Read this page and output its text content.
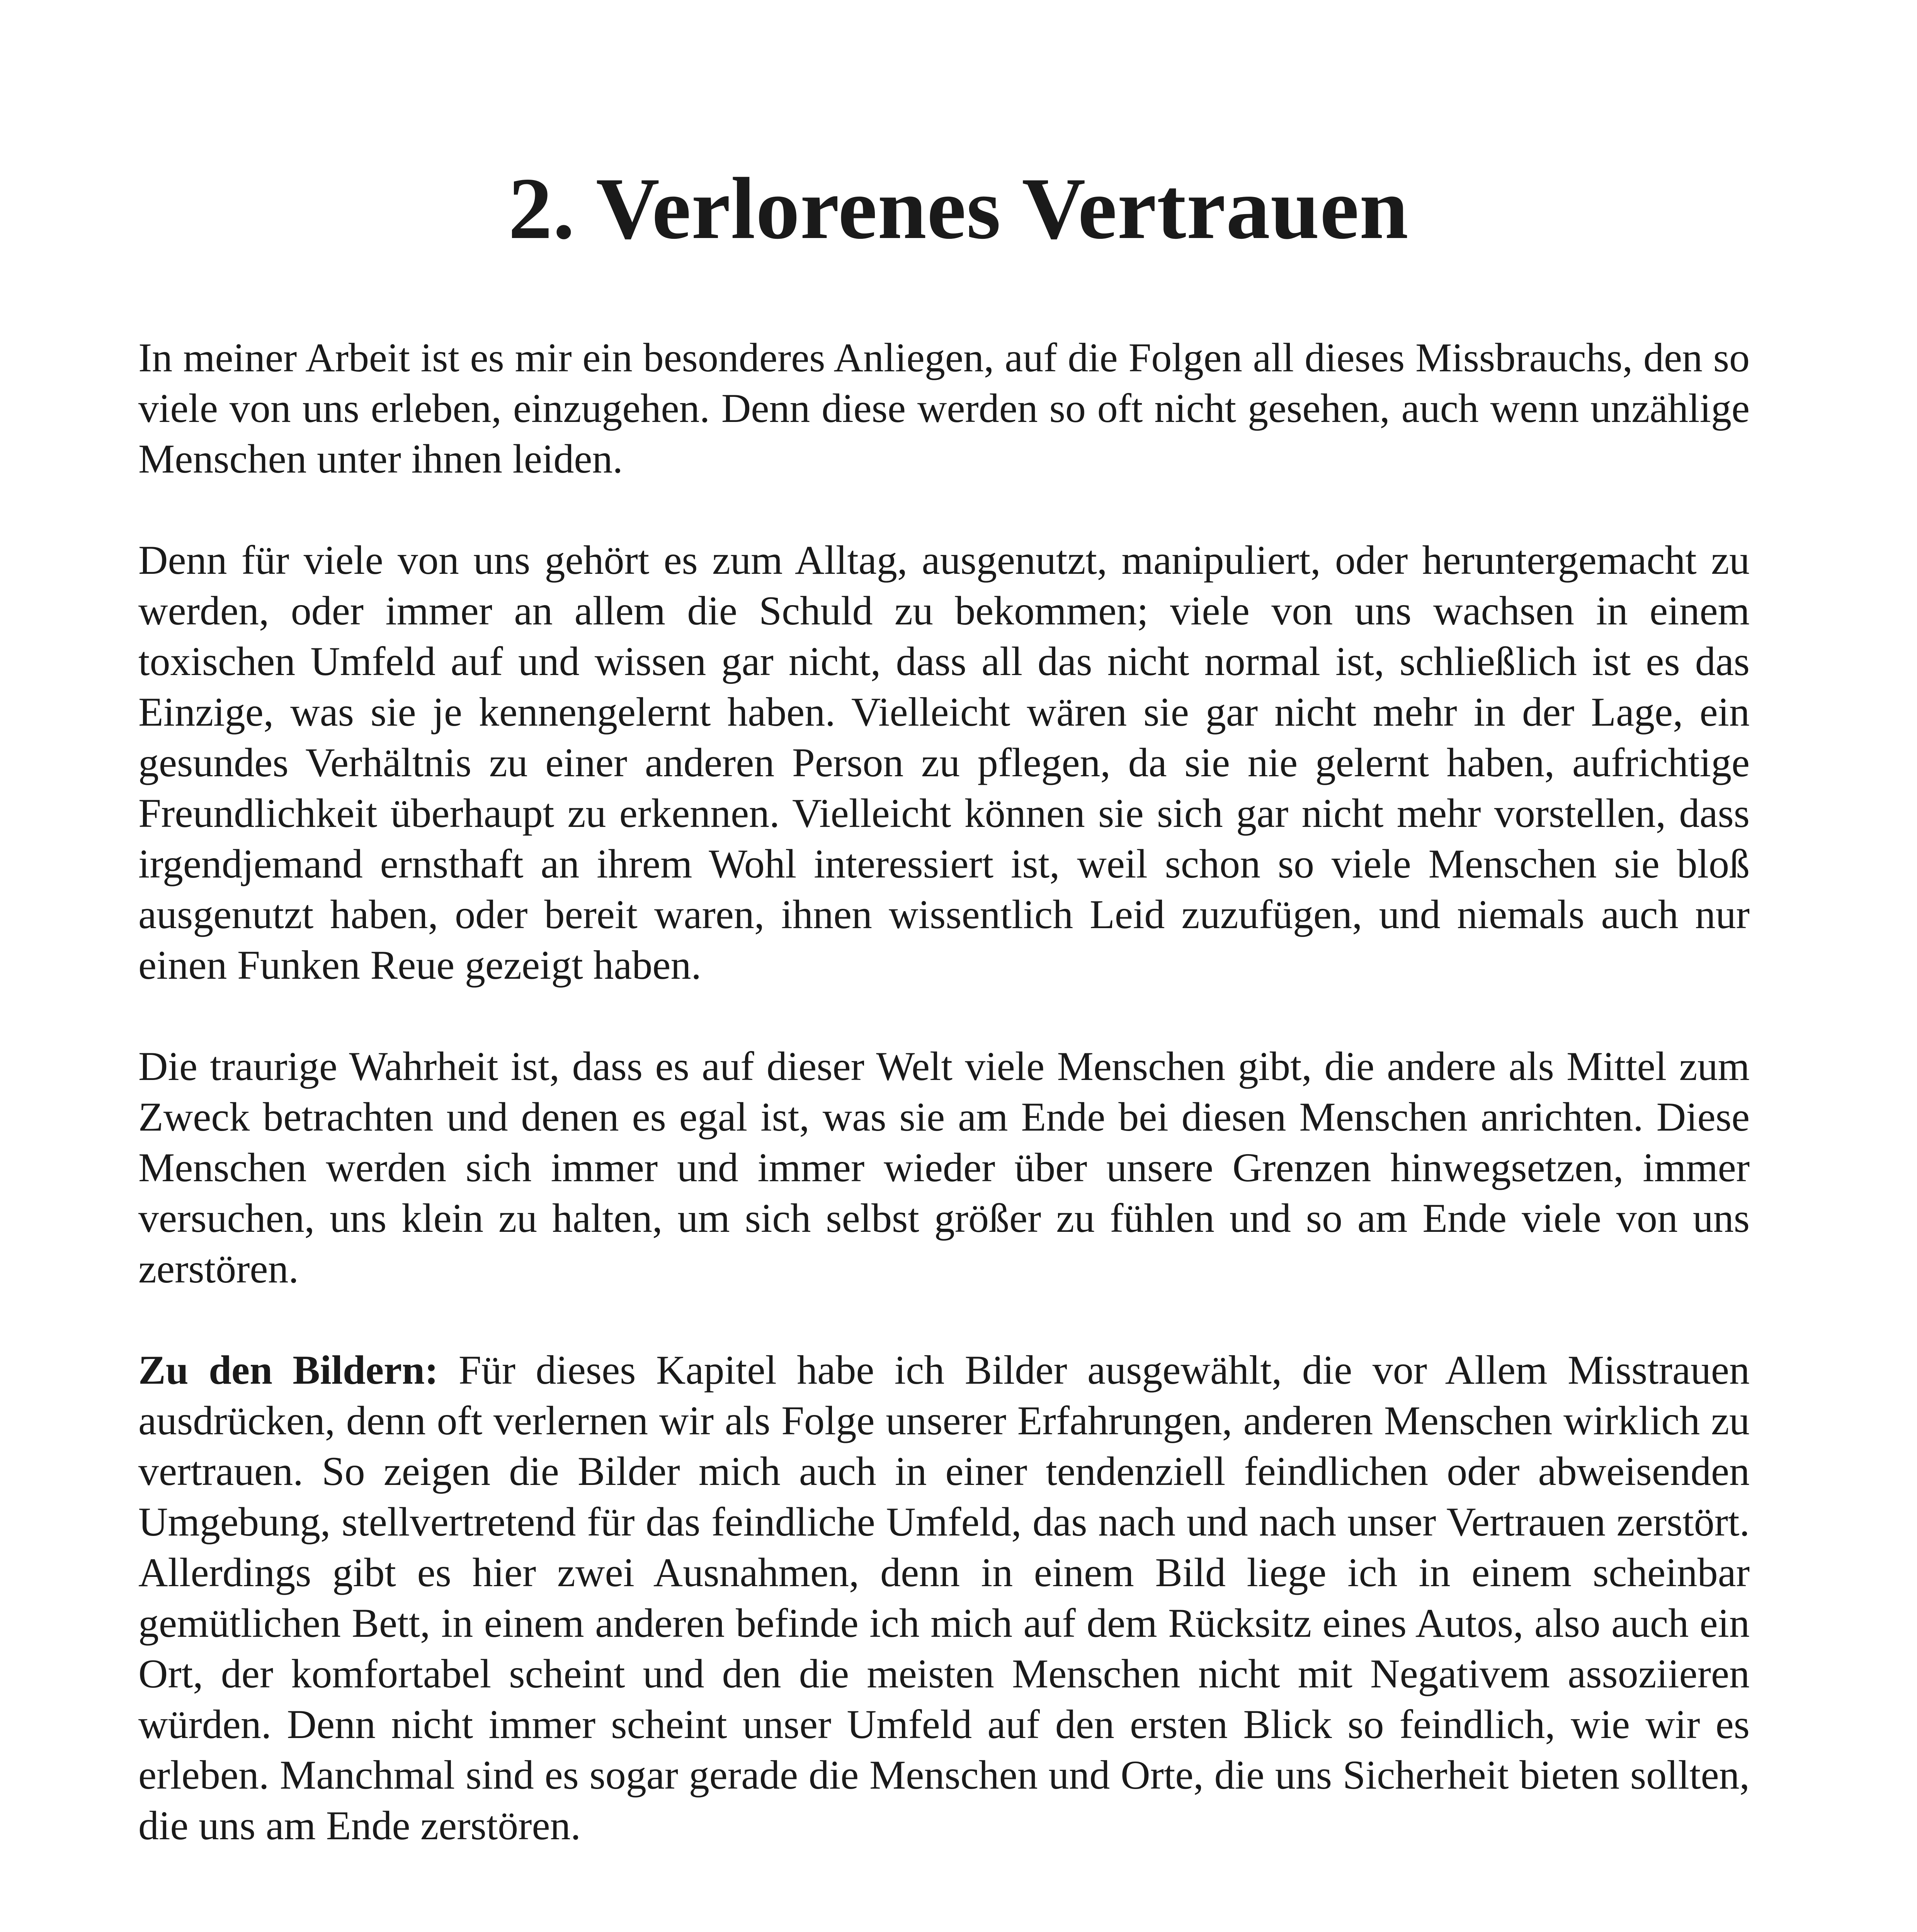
2. Verlorenes Vertrauen

In meiner Arbeit ist es mir ein besonderes Anliegen, auf die Folgen all dieses Missbrauchs, den so viele von uns erleben, einzugehen. Denn diese werden so oft nicht gesehen, auch wenn unzählige Menschen unter ihnen leiden.

Denn für viele von uns gehört es zum Alltag, ausgenutzt, manipuliert, oder heruntergemacht zu werden, oder immer an allem die Schuld zu bekommen; viele von uns wachsen in einem toxischen Umfeld auf und wissen gar nicht, dass all das nicht normal ist, schließlich ist es das Einzige, was sie je kennengelernt haben. Vielleicht wären sie gar nicht mehr in der Lage, ein gesundes Verhältnis zu einer anderen Person zu pflegen, da sie nie gelernt haben, aufrichtige Freundlichkeit überhaupt zu erkennen. Vielleicht können sie sich gar nicht mehr vorstellen, dass irgendjemand ernsthaft an ihrem Wohl interessiert ist, weil schon so viele Menschen sie bloß ausgenutzt haben, oder bereit waren, ihnen wissentlich Leid zuzufügen, und niemals auch nur einen Funken Reue gezeigt haben.

Die traurige Wahrheit ist, dass es auf dieser Welt viele Menschen gibt, die andere als Mittel zum Zweck betrachten und denen es egal ist, was sie am Ende bei diesen Menschen anrichten. Diese Menschen werden sich immer und immer wieder über unsere Grenzen hinwegsetzen, immer versuchen, uns klein zu halten, um sich selbst größer zu fühlen und so am Ende viele von uns zerstören.

Zu den Bildern: Für dieses Kapitel habe ich Bilder ausgewählt, die vor Allem Misstrauen ausdrücken, denn oft verlernen wir als Folge unserer Erfahrungen, anderen Menschen wirklich zu vertrauen. So zeigen die Bilder mich auch in einer tendenziell feindlichen oder abweisenden Umgebung, stellvertretend für das feindliche Umfeld, das nach und nach unser Vertrauen zerstört. Allerdings gibt es hier zwei Ausnahmen, denn in einem Bild liege ich in einem scheinbar gemütlichen Bett, in einem anderen befinde ich mich auf dem Rücksitz eines Autos, also auch ein Ort, der komfortabel scheint und den die meisten Menschen nicht mit Negativem assoziieren würden. Denn nicht immer scheint unser Umfeld auf den ersten Blick so feindlich, wie wir es erleben. Manchmal sind es sogar gerade die Menschen und Orte, die uns Sicherheit bieten sollten, die uns am Ende zerstören.
